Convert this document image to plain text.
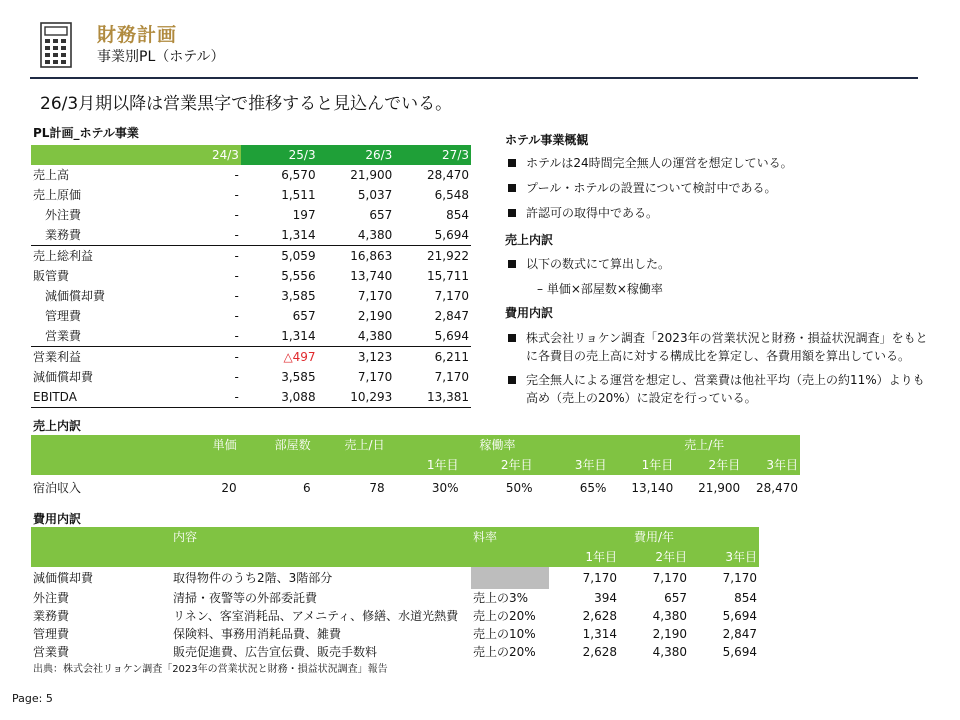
財務計画
事業別PL（ホテル）
26/3月期以降は営業黒字で推移すると見込んでいる。
PL計画_ホテル事業
	24/3	25/3	26/3	27/3
売上高	-	6,570	21,900	28,470
売上原価	-	1,511	5,037	6,548
外注費	-	197	657	854
業務費	-	1,314	4,380	5,694
売上総利益	-	5,059	16,863	21,922
販管費	-	5,556	13,740	15,711
減価償却費	-	3,585	7,170	7,170
管理費	-	657	2,190	2,847
営業費	-	1,314	4,380	5,694
営業利益	-	△497	3,123	6,211
減価償却費	-	3,585	7,170	7,170
EBITDA	-	3,088	10,293	13,381
ホテル事業概観
ホテルは24時間完全無人の運営を想定している。
プール・ホテルの設置について検討中である。
許認可の取得中である。
売上内訳
以下の数式にて算出した。
– 単価×部屋数×稼働率
費用内訳
株式会社リョケン調査「2023年の営業状況と財務・損益状況調査」をもとに各費目の売上高に対する構成比を算定し、各費用額を算出している。
完全無人による運営を想定し、営業費は他社平均（売上の約11%）よりも高め（売上の20%）に設定を行っている。
売上内訳
	単価	部屋数	売上/日	稼働率			売上/年		
				1年目	2年目	3年目	1年目	2年目	3年目
宿泊収入	20	6	78	30%	50%	65%	13,140	21,900	28,470
費用内訳
	内容	料率	費用/年		
			1年目	2年目	3年目
減価償却費	取得物件のうち2階、3階部分		7,170	7,170	7,170
外注費	清掃・夜警等の外部委託費	売上の3%	394	657	854
業務費	リネン、客室消耗品、アメニティ、修繕、水道光熱費	売上の20%	2,628	4,380	5,694
管理費	保険料、事務用消耗品費、雑費	売上の10%	1,314	2,190	2,847
営業費	販売促進費、広告宣伝費、販売手数料	売上の20%	2,628	4,380	5,694
出典：株式会社リョケン調査「2023年の営業状況と財務・損益状況調査」報告
Page: 5
